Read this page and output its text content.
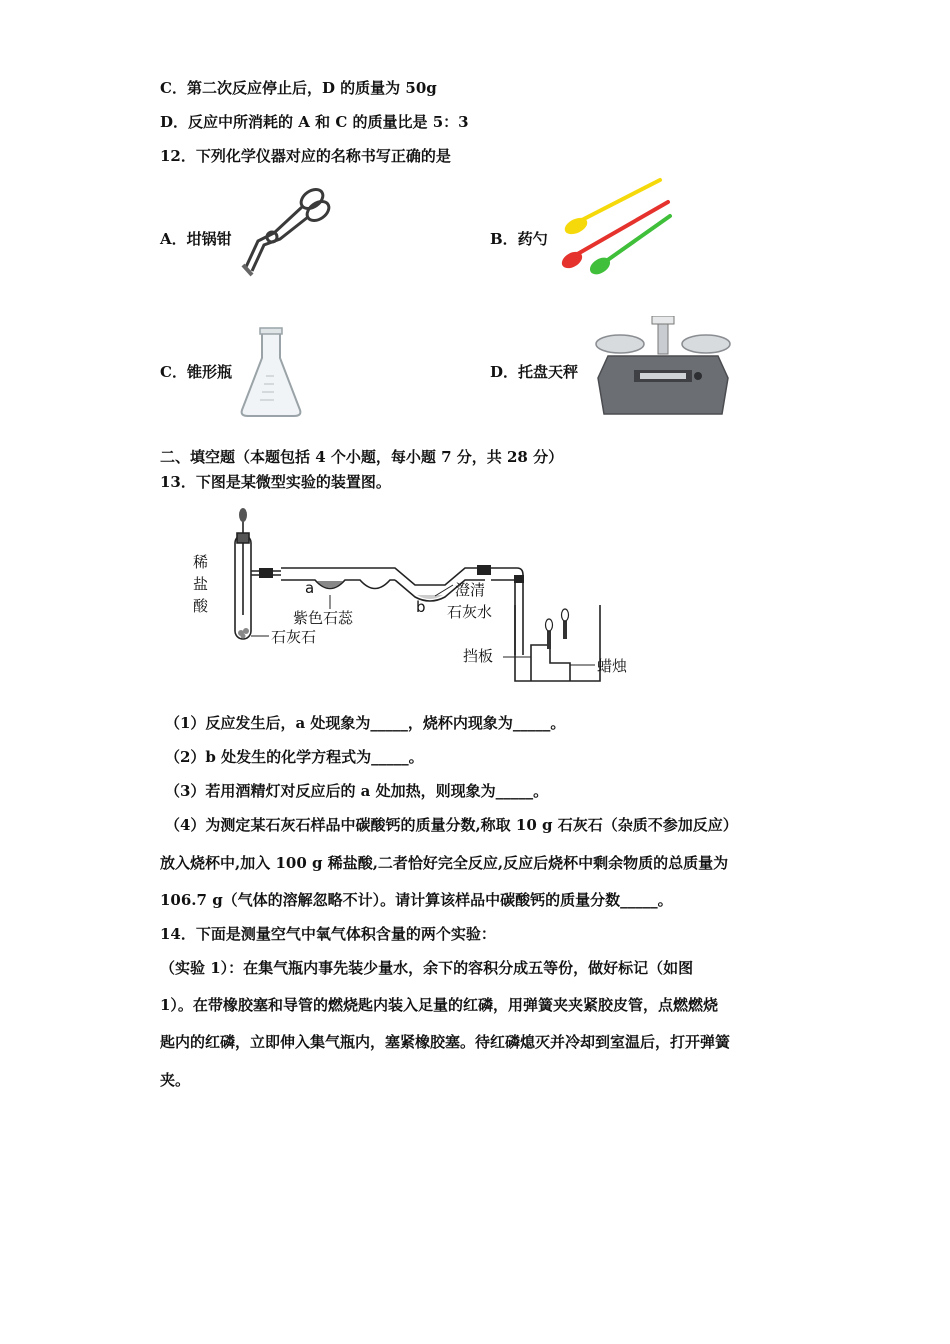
C．第二次反应停止后，D 的质量为 50g
D．反应中所消耗的 A 和 C 的质量比是 5：3
12．下列化学仪器对应的名称书写正确的是
A．坩锅钳	B．药勺
C．锥形瓶	D．托盘天秤
二、填空题（本题包括 4 个小题，每小题 7 分，共 28 分）
13．下图是某微型实验的装置图。
稀
盐
酸
石灰石
a
紫色石蕊
b
澄清
石灰水
挡板
蜡烛
（1）反应发生后，a 处现象为_____，烧杯内现象为_____。
（2）b 处发生的化学方程式为_____。
（3）若用酒精灯对反应后的 a 处加热，则现象为_____。
（4）为测定某石灰石样品中碳酸钙的质量分数,称取 10 g 石灰石（杂质不参加反应）
放入烧杯中,加入 100 g 稀盐酸,二者恰好完全反应,反应后烧杯中剩余物质的总质量为
106.7 g（气体的溶解忽略不计）。请计算该样品中碳酸钙的质量分数_____。
14．下面是测量空气中氧气体积含量的两个实验：
（实验 1）：在集气瓶内事先装少量水，余下的容积分成五等份，做好标记（如图
1）。在带橡胶塞和导管的燃烧匙内装入足量的红磷，用弹簧夹夹紧胶皮管，点燃燃烧
匙内的红磷，立即伸入集气瓶内，塞紧橡胶塞。待红磷熄灭并冷却到室温后，打开弹簧
夹。
